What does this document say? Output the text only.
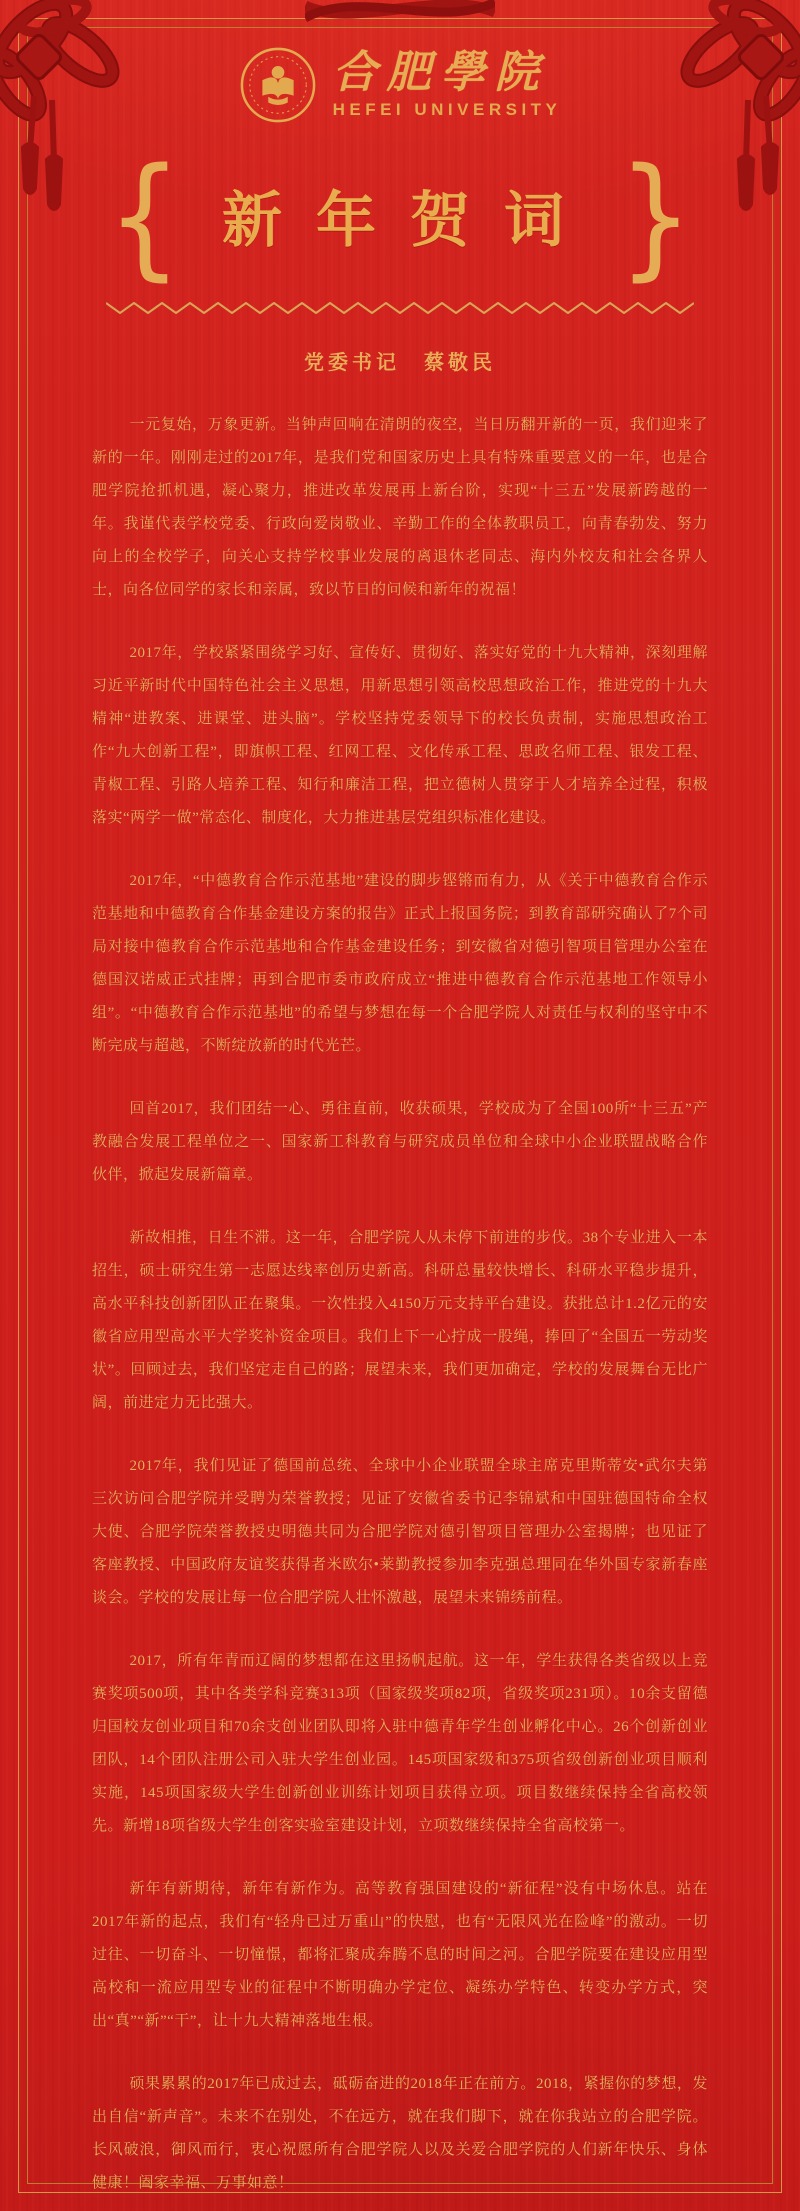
合肥學院
HEFEI UNIVERSITY
{ 新年贺词 }
党委书记　蔡敬民

一元复始，万象更新。当钟声回响在清朗的夜空，当日历翻开新的一页，我们迎来了新的一年。刚刚走过的2017年，是我们党和国家历史上具有特殊重要意义的一年，也是合肥学院抢抓机遇，凝心聚力，推进改革发展再上新台阶，实现“十三五”发展新跨越的一年。我谨代表学校党委、行政向爱岗敬业、辛勤工作的全体教职员工，向青春勃发、努力向上的全校学子，向关心支持学校事业发展的离退休老同志、海内外校友和社会各界人士，向各位同学的家长和亲属，致以节日的问候和新年的祝福！

2017年，学校紧紧围绕学习好、宣传好、贯彻好、落实好党的十九大精神，深刻理解习近平新时代中国特色社会主义思想，用新思想引领高校思想政治工作，推进党的十九大精神“进教案、进课堂、进头脑”。学校坚持党委领导下的校长负责制，实施思想政治工作“九大创新工程”，即旗帜工程、红网工程、文化传承工程、思政名师工程、银发工程、青椒工程、引路人培养工程、知行和廉洁工程，把立德树人贯穿于人才培养全过程，积极落实“两学一做”常态化、制度化，大力推进基层党组织标准化建设。

2017年，“中德教育合作示范基地”建设的脚步铿锵而有力，从《关于中德教育合作示范基地和中德教育合作基金建设方案的报告》正式上报国务院；到教育部研究确认了7个司局对接中德教育合作示范基地和合作基金建设任务；到安徽省对德引智项目管理办公室在德国汉诺威正式挂牌；再到合肥市委市政府成立“推进中德教育合作示范基地工作领导小组”。“中德教育合作示范基地”的希望与梦想在每一个合肥学院人对责任与权利的坚守中不断完成与超越，不断绽放新的时代光芒。

回首2017，我们团结一心、勇往直前，收获硕果，学校成为了全国100所“十三五”产教融合发展工程单位之一、国家新工科教育与研究成员单位和全球中小企业联盟战略合作伙伴，掀起发展新篇章。

新故相推，日生不滞。这一年，合肥学院人从未停下前进的步伐。38个专业进入一本招生，硕士研究生第一志愿达线率创历史新高。科研总量较快增长、科研水平稳步提升，高水平科技创新团队正在聚集。一次性投入4150万元支持平台建设。获批总计1.2亿元的安徽省应用型高水平大学奖补资金项目。我们上下一心拧成一股绳，捧回了“全国五一劳动奖状”。回顾过去，我们坚定走自己的路；展望未来，我们更加确定，学校的发展舞台无比广阔，前进定力无比强大。

2017年，我们见证了德国前总统、全球中小企业联盟全球主席克里斯蒂安•武尔夫第三次访问合肥学院并受聘为荣誉教授；见证了安徽省委书记李锦斌和中国驻德国特命全权大使、合肥学院荣誉教授史明德共同为合肥学院对德引智项目管理办公室揭牌；也见证了客座教授、中国政府友谊奖获得者米欧尔•莱勤教授参加李克强总理同在华外国专家新春座谈会。学校的发展让每一位合肥学院人壮怀激越，展望未来锦绣前程。

2017，所有年青而辽阔的梦想都在这里扬帆起航。这一年，学生获得各类省级以上竞赛奖项500项，其中各类学科竞赛313项（国家级奖项82项，省级奖项231项）。10余支留德归国校友创业项目和70余支创业团队即将入驻中德青年学生创业孵化中心。26个创新创业团队，14个团队注册公司入驻大学生创业园。145项国家级和375项省级创新创业项目顺利实施，145项国家级大学生创新创业训练计划项目获得立项。项目数继续保持全省高校领先。新增18项省级大学生创客实验室建设计划，立项数继续保持全省高校第一。

新年有新期待，新年有新作为。高等教育强国建设的“新征程”没有中场休息。站在2017年新的起点，我们有“轻舟已过万重山”的快慰，也有“无限风光在险峰”的激动。一切过往、一切奋斗、一切憧憬，都将汇聚成奔腾不息的时间之河。合肥学院要在建设应用型高校和一流应用型专业的征程中不断明确办学定位、凝练办学特色、转变办学方式，突出“真”“新”“干”，让十九大精神落地生根。

硕果累累的2017年已成过去，砥砺奋进的2018年正在前方。2018，紧握你的梦想，发出自信“新声音”。未来不在别处，不在远方，就在我们脚下，就在你我站立的合肥学院。长风破浪，御风而行，衷心祝愿所有合肥学院人以及关爱合肥学院的人们新年快乐、身体健康！阖家幸福、万事如意！
